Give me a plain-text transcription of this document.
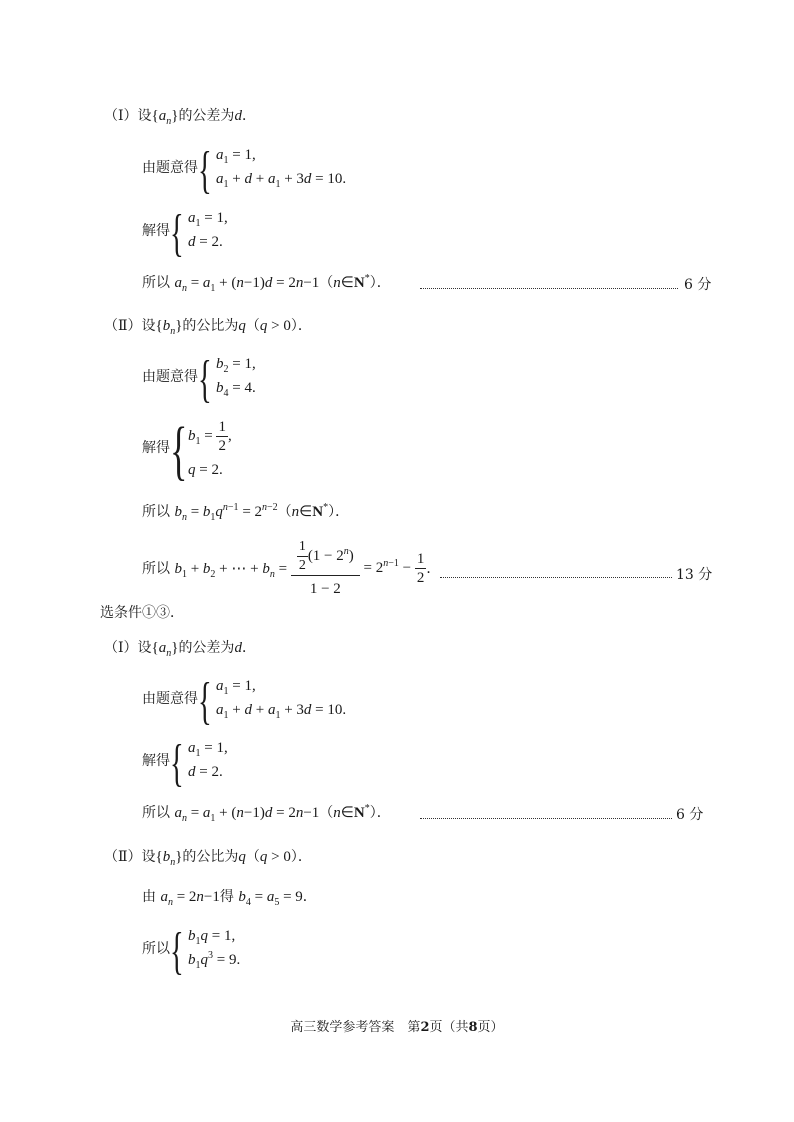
（Ⅰ）设$\{a_n\}$的公差为d．
由题意得 { $a_1 = 1$,
$a_1 + d + a_1 + 3d = 10$.
解得 { $a_1 = 1$,
d = 2.
所以 $a_n = a_1 + (n-1)d$ = 2n−1（n∈N*）．	6 分
（Ⅱ）设$\{b_n\}$的公比为q（q > 0）．
由题意得 { $b_2 = 1$,
$b_4 = 4$.
解得 { $b_1 = \frac{1}{2}$ ,
q = 2.
所以 $b_n = b_1q^{n-1}$ = $2^{n-2}(n\in N^*)$．
所以 $b_1 + b_2$ + ⋯ + $b_n = \frac{\frac{1}{2} (1 - 2^n)}{1 - 2} = 2^{n-1} - \frac{1}{2}$ ．	13 分
选条件①③．
（Ⅰ）设$\{a_n\}$的公差为d．
由题意得 { $a_1 = 1$,
$a_1 + d + a_1 + 3d = 10$.
解得 { $a_1 = 1$,
d = 2.
所以 $a_n = a_1 + (n-1)d$ = 2n−1（n∈N*）．	6 分
（Ⅱ）设$\{b_n\}$的公比为q（q > 0）．
由 $a_n = 2n-1$得 $b_4 = a_5 = 9$．
所以 { $b_1q = 1$,
$b_1q^3 = 9$.
高三数学参考答案　第2页（共8页）
